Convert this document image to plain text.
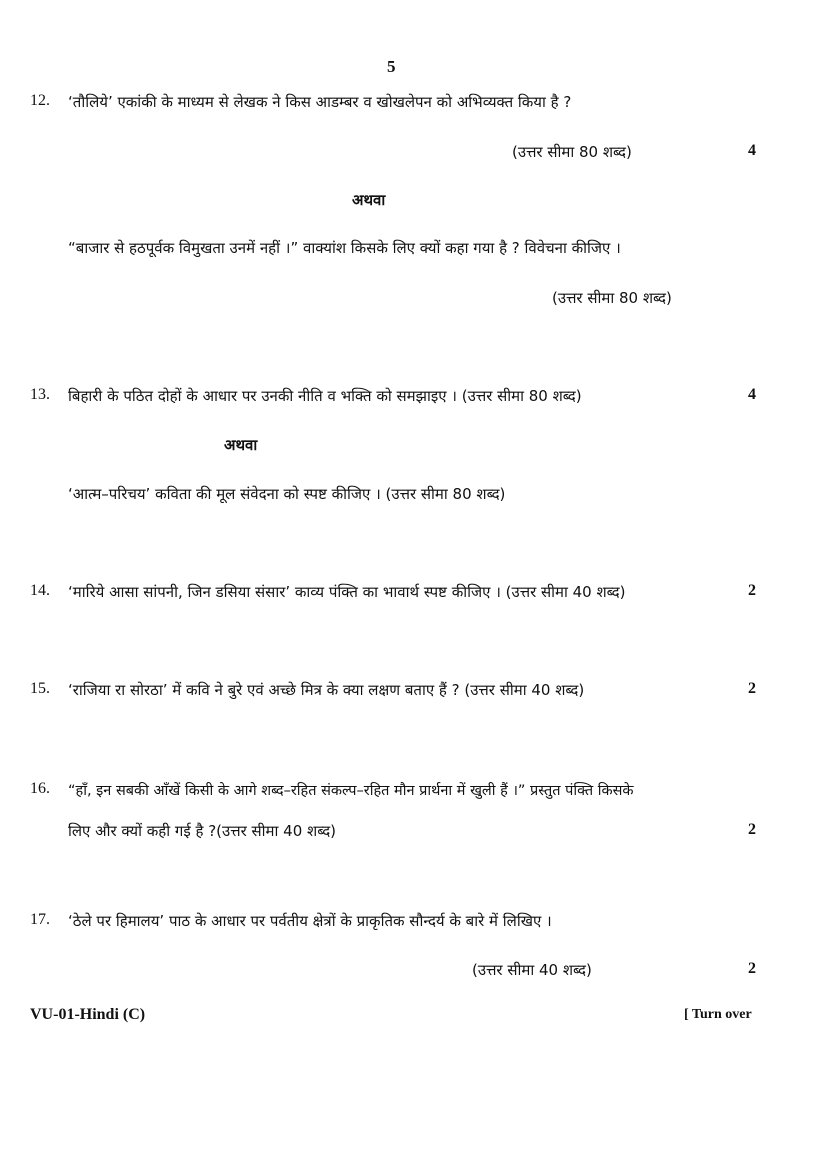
5
12. ‘तौलिये’ एकांकी के माध्यम से लेखक ने किस आडम्बर व खोखलेपन को अभिव्यक्त किया है ?
(उत्तर सीमा 80 शब्द)	4
अथवा
“बाजार से हठपूर्वक विमुखता उनमें नहीं ।” वाक्यांश किसके लिए क्यों कहा गया है ? विवेचना कीजिए ।
(उत्तर सीमा 80 शब्द)
13. बिहारी के पठित दोहों के आधार पर उनकी नीति व भक्ति को समझाइए । (उत्तर सीमा 80 शब्द)	4
अथवा
‘आत्म–परिचय’ कविता की मूल संवेदना को स्पष्ट कीजिए । (उत्तर सीमा 80 शब्द)
14. ‘मारिये आसा सांपनी, जिन डसिया संसार’ काव्य पंक्ति का भावार्थ स्पष्ट कीजिए । (उत्तर सीमा 40 शब्द)	2
15. ‘राजिया रा सोरठा’ में कवि ने बुरे एवं अच्छे मित्र के क्या लक्षण बताए हैं ? (उत्तर सीमा 40 शब्द)	2
16. “हाँ, इन सबकी आँखें किसी के आगे शब्द–रहित संकल्प–रहित मौन प्रार्थना में खुली हैं ।” प्रस्तुत पंक्ति किसके
लिए और क्यों कही गई है ?(उत्तर सीमा 40 शब्द)	2
17. ‘ठेले पर हिमालय’ पाठ के आधार पर पर्वतीय क्षेत्रों के प्राकृतिक सौन्दर्य के बारे में लिखिए ।
(उत्तर सीमा 40 शब्द)	2
VU-01-Hindi (C)	[ Turn over
